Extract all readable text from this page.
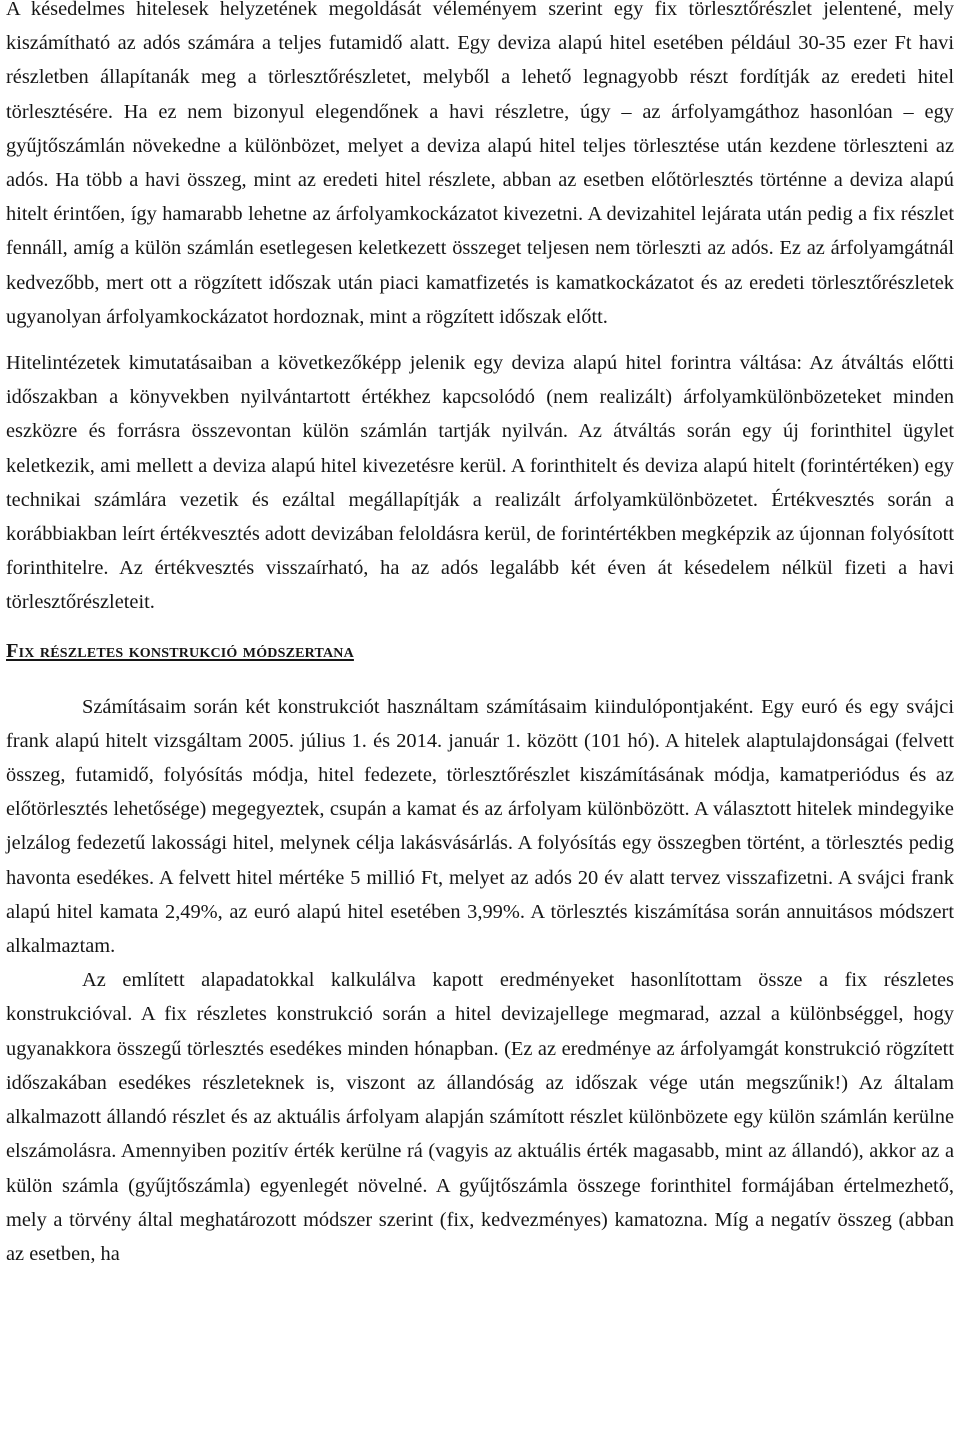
A késedelmes hitelesek helyzetének megoldását véleményem szerint egy fix törlesztőrészlet jelentené, mely kiszámítható az adós számára a teljes futamidő alatt. Egy deviza alapú hitel esetében például 30-35 ezer Ft havi részletben állapítanák meg a törlesztőrészletet, melyből a lehető legnagyobb részt fordítják az eredeti hitel törlesztésére. Ha ez nem bizonyul elegendőnek a havi részletre, úgy – az árfolyamgáthoz hasonlóan – egy gyűjtőszámlán növekedne a különbözet, melyet a deviza alapú hitel teljes törlesztése után kezdene törleszteni az adós. Ha több a havi összeg, mint az eredeti hitel részlete, abban az esetben előtörlesztés történne a deviza alapú hitelt érintően, így hamarabb lehetne az árfolyamkockázatot kivezetni. A devizahitel lejárata után pedig a fix részlet fennáll, amíg a külön számlán esetlegesen keletkezett összeget teljesen nem törleszti az adós. Ez az árfolyamgátnál kedvezőbb, mert ott a rögzített időszak után piaci kamatfizetés is kamatkockázatot és az eredeti törlesztőrészletek ugyanolyan árfolyamkockázatot hordoznak, mint a rögzített időszak előtt.

Hitelintézetek kimutatásaiban a következőképp jelenik egy deviza alapú hitel forintra váltása: Az átváltás előtti időszakban a könyvekben nyilvántartott értékhez kapcsolódó (nem realizált) árfolyamkülönbözeteket minden eszközre és forrásra összevontan külön számlán tartják nyilván. Az átváltás során egy új forinthitel ügylet keletkezik, ami mellett a deviza alapú hitel kivezetésre kerül. A forinthitelt és deviza alapú hitelt (forintértéken) egy technikai számlára vezetik és ezáltal megállapítják a realizált árfolyamkülönbözetet. Értékvesztés során a korábbiakban leírt értékvesztés adott devizában feloldásra kerül, de forintértékben megképzik az újonnan folyósított forinthitelre. Az értékvesztés visszaírható, ha az adós legalább két éven át késedelem nélkül fizeti a havi törlesztőrészleteit.

Fix részletes konstrukció módszertana

Számításaim során két konstrukciót használtam számításaim kiindulópontjaként. Egy euró és egy svájci frank alapú hitelt vizsgáltam 2005. július 1. és 2014. január 1. között (101 hó). A hitelek alaptulajdonságai (felvett összeg, futamidő, folyósítás módja, hitel fedezete, törlesztőrészlet kiszámításának módja, kamatperiódus és az előtörlesztés lehetősége) megegyeztek, csupán a kamat és az árfolyam különbözött. A választott hitelek mindegyike jelzálog fedezetű lakossági hitel, melynek célja lakásvásárlás. A folyósítás egy összegben történt, a törlesztés pedig havonta esedékes. A felvett hitel mértéke 5 millió Ft, melyet az adós 20 év alatt tervez visszafizetni. A svájci frank alapú hitel kamata 2,49%, az euró alapú hitel esetében 3,99%. A törlesztés kiszámítása során annuitásos módszert alkalmaztam.

Az említett alapadatokkal kalkulálva kapott eredményeket hasonlítottam össze a fix részletes konstrukcióval. A fix részletes konstrukció során a hitel devizajellege megmarad, azzal a különbséggel, hogy ugyanakkora összegű törlesztés esedékes minden hónapban. (Ez az eredménye az árfolyamgát konstrukció rögzített időszakában esedékes részleteknek is, viszont az állandóság az időszak vége után megszűnik!) Az általam alkalmazott állandó részlet és az aktuális árfolyam alapján számított részlet különbözete egy külön számlán kerülne elszámolásra. Amennyiben pozitív érték kerülne rá (vagyis az aktuális érték magasabb, mint az állandó), akkor az a külön számla (gyűjtőszámla) egyenlegét növelné. A gyűjtőszámla összege forinthitel formájában értelmezhető, mely a törvény által meghatározott módszer szerint (fix, kedvezményes) kamatozna. Míg a negatív összeg (abban az esetben, ha
